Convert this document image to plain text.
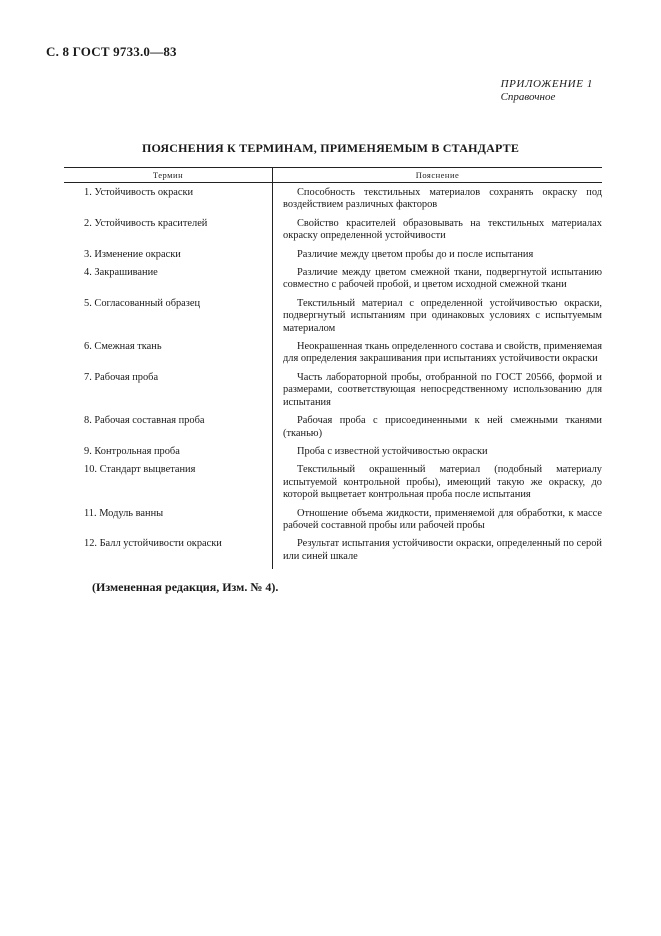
С. 8 ГОСТ 9733.0—83
ПРИЛОЖЕНИЕ 1
Справочное
ПОЯСНЕНИЯ К ТЕРМИНАМ, ПРИМЕНЯЕМЫМ В СТАНДАРТЕ
Термин	Пояснение
1. Устойчивость окраски	Способность текстильных материалов сохранять окраску под воздействием различных факторов

2. Устойчивость красителей	Свойство красителей образовывать на текстильных материалах окраску определенной устойчивости

3. Изменение окраски	Различие между цветом пробы до и после испытания

4. Закрашивание	Различие между цветом смежной ткани, подвергнутой испытанию совместно с рабочей пробой, и цветом исходной смежной ткани

5. Согласованный образец	Текстильный материал с определенной устойчивостью окраски, подвергнутый испытаниям при одинаковых условиях с испытуемым материалом

6. Смежная ткань	Неокрашенная ткань определенного состава и свойств, применяемая для определения закрашивания при испытаниях устойчивости окраски

7. Рабочая проба	Часть лабораторной пробы, отобранной по ГОСТ 20566, формой и размерами, соответствующая непосредственному использованию для испытания

8. Рабочая составная проба	Рабочая проба с присоединенными к ней смежными тканями (тканью)

9. Контрольная проба	Проба с известной устойчивостью окраски

10. Стандарт выцветания	Текстильный окрашенный материал (подобный материалу испытуемой контрольной пробы), имеющий такую же окраску, до которой выцветает контрольная проба после испытания

11. Модуль ванны	Отношение объема жидкости, применяемой для обработки, к массе рабочей составной пробы или рабочей пробы

12. Балл устойчивости окраски	Результат испытания устойчивости окраски, определенный по серой или синей шкале
(Измененная редакция, Изм. № 4).
